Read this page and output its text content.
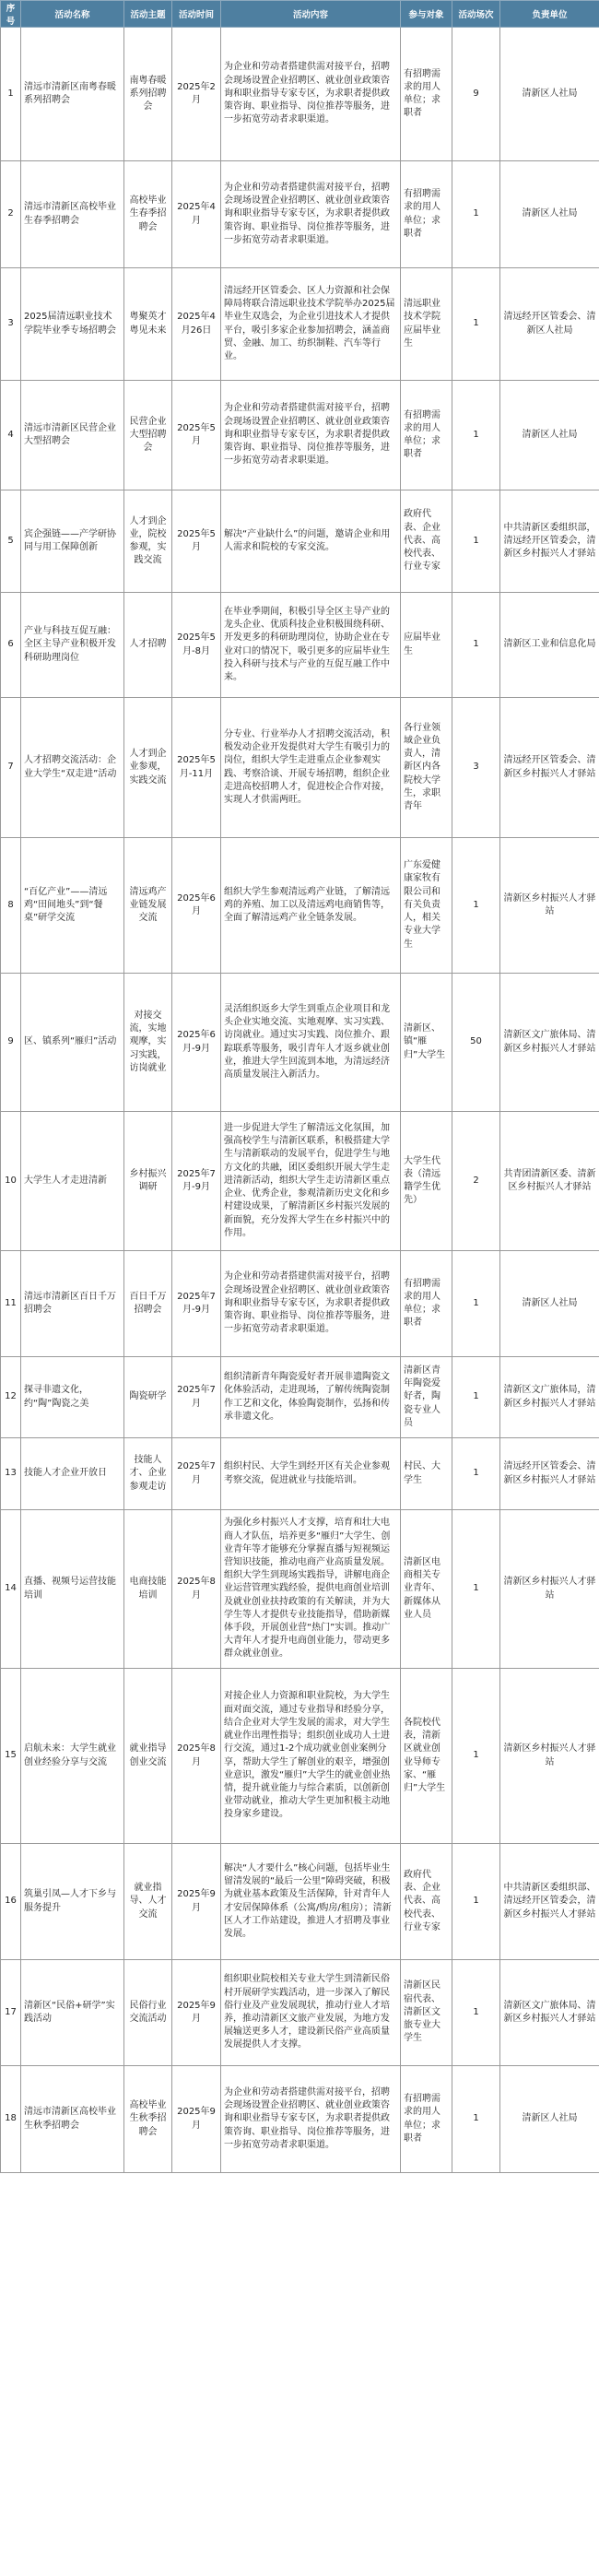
序号	活动名称	活动主题	活动时间	活动内容	参与对象	活动场次	负责单位
1	清远市清新区南粤春暖系列招聘会	南粤春暖系列招聘会	2025年2月	为企业和劳动者搭建供需对接平台，招聘会现场设置企业招聘区、就业创业政策咨询和职业指导专家专区，为求职者提供政策咨询、职业指导、岗位推荐等服务，进一步拓宽劳动者求职渠道。	有招聘需求的用人单位；求职者	9	清新区人社局
2	清远市清新区高校毕业生春季招聘会	高校毕业生春季招聘会	2025年4月	为企业和劳动者搭建供需对接平台，招聘会现场设置企业招聘区、就业创业政策咨询和职业指导专家专区，为求职者提供政策咨询、职业指导、岗位推荐等服务，进一步拓宽劳动者求职渠道。	有招聘需求的用人单位；求职者	1	清新区人社局
3	2025届清远职业技术学院毕业季专场招聘会	粤聚英才粤见未来	2025年4月26日	清远经开区管委会、区人力资源和社会保障局将联合清远职业技术学院举办2025届毕业生双选会，为企业引进技术人才提供平台，吸引多家企业参加招聘会，涵盖商贸、金融、加工、纺织制鞋、汽车等行业。	清远职业技术学院应届毕业生	1	清远经开区管委会、清新区人社局
4	清远市清新区民营企业大型招聘会	民营企业大型招聘会	2025年5月	为企业和劳动者搭建供需对接平台，招聘会现场设置企业招聘区、就业创业政策咨询和职业指导专家专区，为求职者提供政策咨询、职业指导、岗位推荐等服务，进一步拓宽劳动者求职渠道。	有招聘需求的用人单位；求职者	1	清新区人社局
5	宾企强链——产学研协同与用工保障创新	人才到企业，院校参观，实践交流	2025年5月	解决“产业缺什么”的问题，邀请企业和用人需求和院校的专家交流。	政府代表、企业代表、高校代表、行业专家	1	中共清新区委组织部，清远经开区管委会，清新区乡村振兴人才驿站
6	产业与科技互促互融：全区主导产业积极开发科研助理岗位	人才招聘	2025年5月-8月	在毕业季期间，积极引导全区主导产业的龙头企业、优质科技企业积极围绕科研、开发更多的科研助理岗位，协助企业在专业对口的情况下，吸引更多的应届毕业生投入科研与技术与产业的互促互融工作中来。	应届毕业生	1	清新区工业和信息化局
7	人才招聘交流活动：企业大学生“双走进”活动	人才到企业参观，实践交流	2025年5月-11月	分专业、行业举办人才招聘交流活动，积极发动企业开发提供对大学生有吸引力的岗位，组织大学生走进重点企业参观实践、考察洽谈、开展专场招聘，组织企业走进高校招聘人才，促进校企合作对接，实现人才供需两旺。	各行业领域企业负责人，清新区内各院校大学生，求职青年	3	清远经开区管委会、清新区乡村振兴人才驿站
8	“百亿产业”——清远鸡“田间地头”到“餐桌”研学交流	清远鸡产业链发展交流	2025年6月	组织大学生参观清远鸡产业链，了解清远鸡的养殖、加工以及清远鸡电商销售等，全面了解清远鸡产业全链条发展。	广东爱健康家牧有限公司和有关负责人，相关专业大学生	1	清新区乡村振兴人才驿站
9	区、镇系列“雁归”活动	对接交流，实地观摩，实习实践，访岗就业	2025年6月-9月	灵活组织返乡大学生到重点企业项目和龙头企业实地交流、实地观摩、实习实践、访岗就业。通过实习实践、岗位推介、跟踪联系等服务，吸引青年人才返乡就业创业，推进大学生回流到本地，为清远经济高质量发展注入新活力。	清新区、镇“雁归”大学生	50	清新区文广旅体局、清新区乡村振兴人才驿站
10	大学生人才走进清新	乡村振兴调研	2025年7月-9月	进一步促进大学生了解清远文化氛围，加强高校学生与清新区联系，积极搭建大学生与清新联动的发展平台，促进学生与地方文化的共融，团区委组织开展大学生走进清新活动，组织大学生走访清新区重点企业、优秀企业，参观清新历史文化和乡村建设成果，了解清新区乡村振兴发展的新面貌，充分发挥大学生在乡村振兴中的作用。	大学生代表（清远籍学生优先）	2	共青团清新区委、清新区乡村振兴人才驿站
11	清远市清新区百日千万招聘会	百日千万招聘会	2025年7月-9月	为企业和劳动者搭建供需对接平台，招聘会现场设置企业招聘区、就业创业政策咨询和职业指导专家专区，为求职者提供政策咨询、职业指导、岗位推荐等服务，进一步拓宽劳动者求职渠道。	有招聘需求的用人单位；求职者	1	清新区人社局
12	探寻非遗文化，约“陶”陶瓷之美	陶瓷研学	2025年7月	组织清新青年陶瓷爱好者开展非遗陶瓷文化体验活动，走进现场，了解传统陶瓷制作工艺和文化，体验陶瓷制作，弘扬和传承非遗文化。	清新区青年陶瓷爱好者，陶瓷专业人员	1	清新区文广旅体局，清新区乡村振兴人才驿站
13	技能人才企业开放日	技能人才、企业参观走访	2025年7月	组织村民、大学生到经开区有关企业参观考察交流，促进就业与技能培训。	村民、大学生	1	清远经开区管委会、清新区乡村振兴人才驿站
14	直播、视频号运营技能培训	电商技能培训	2025年8月	为强化乡村振兴人才支撑，培育和壮大电商人才队伍，培养更多“雁归”大学生、创业青年等才能够充分掌握直播与短视频运营知识技能，推动电商产业高质量发展。组织大学生到现场实践指导，讲解电商企业运营管理实践经验，提供电商创业培训及就业创业扶持政策的有关解读，并为大学生等人才提供专业技能指导，借助新媒体手段，开展创业营“热门”实训。推动广大青年人才提升电商创业能力，带动更多群众就业创业。	清新区电商相关专业青年、新媒体从业人员	1	清新区乡村振兴人才驿站
15	启航未来：大学生就业创业经验分享与交流	就业指导创业交流	2025年8月	对接企业人力资源和职业院校，为大学生面对面交流，通过专业指导和经验分享，结合企业对大学生发展的需求，对大学生就业作出理性指导；组织创业成功人士进行交流，通过1-2个成功就业创业案例分享，帮助大学生了解创业的艰辛，增强创业意识，激发“雁归”大学生的就业创业热情，提升就业能力与综合素质，以创新创业带动就业，推动大学生更加积极主动地投身家乡建设。	各院校代表，清新区就业创业导师专家、“雁归”大学生	1	清新区乡村振兴人才驿站
16	筑巢引凤—人才下乡与服务提升	就业指导、人才交流	2025年9月	解决“人才要什么”核心问题，包括毕业生留清发展的“最后一公里”障碍突破，积极为就业基本政策及生活保障，针对青年人才安居保障体系（公寓/购房/租房）；清新区人才工作站建设，推进人才招聘及事业发展。	政府代表、企业代表、高校代表、行业专家	1	中共清新区委组织部、清远经开区管委会，清新区乡村振兴人才驿站
17	清新区“民俗+研学”实践活动	民俗行业交流活动	2025年9月	组织职业院校相关专业大学生到清新民俗村开展研学实践活动，进一步深入了解民俗行业及产业发展现状，推动行业人才培养，推动清新区文旅产业发展，为地方发展输送更多人才，建设新民俗产业高质量发展提供人才支撑。	清新区民宿代表、清新区文旅专业大学生	1	清新区文广旅体局、清新区乡村振兴人才驿站
18	清远市清新区高校毕业生秋季招聘会	高校毕业生秋季招聘会	2025年9月	为企业和劳动者搭建供需对接平台，招聘会现场设置企业招聘区、就业创业政策咨询和职业指导专家专区，为求职者提供政策咨询、职业指导、岗位推荐等服务，进一步拓宽劳动者求职渠道。	有招聘需求的用人单位；求职者	1	清新区人社局
